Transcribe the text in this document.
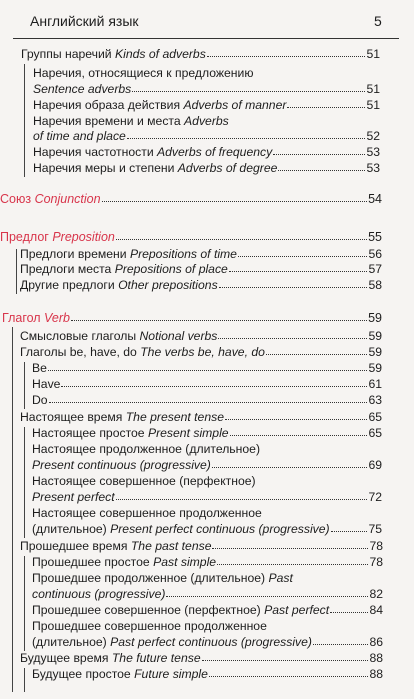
Английский язык	5
Группы наречий Kinds of adverbs	51
Наречия, относящиеся к предложению
Sentence adverbs	51
Наречия образа действия Adverbs of manner	51
Наречия времени и места Adverbs
of time and place	52
Наречия частотности Adverbs of frequency	53
Наречия меры и степени Adverbs of degree	53
Союз Conjunction	54
Предлог Preposition	55
Предлоги времени Prepositions of time	56
Предлоги места Prepositions of place	57
Другие предлоги Other prepositions	58
Глагол Verb	59
Смысловые глаголы Notional verbs	59
Глаголы be, have, do The verbs be, have, do	59
Be	59
Have	61
Do	63
Настоящее время The present tense	65
Настоящее простое Present simple	65
Настоящее продолженное (длительное)
Present continuous (progressive)	69
Настоящее совершенное (перфектное)
Present perfect	72
Настоящее совершенное продолженное
(длительное) Present perfect continuous (progressive)	75
Прошедшее время The past tense	78
Прошедшее простое Past simple	78
Прошедшее продолженное (длительное) Past
continuous (progressive)	82
Прошедшее совершенное (перфектное) Past perfect	84
Прошедшее совершенное продолженное
(длительное) Past perfect continuous (progressive)	86
Будущее время The future tense	88
Будущее простое Future simple	88
